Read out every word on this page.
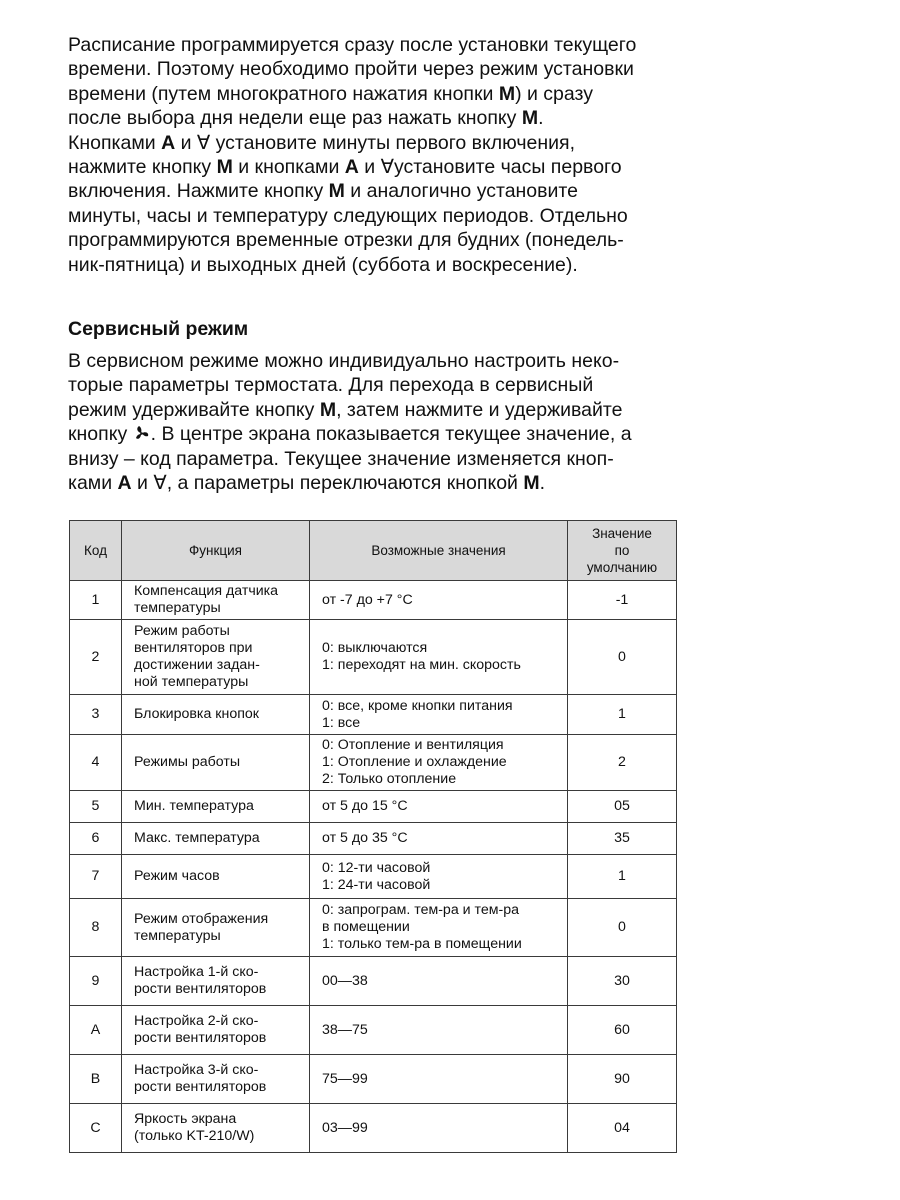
Расписание программируется сразу после установки текущего
времени. Поэтому необходимо пройти через режим установки
времени (путем многократного нажатия кнопки M) и сразу
после выбора дня недели еще раз нажать кнопку M.
Кнопками A и ∀ установите минуты первого включения,
нажмите кнопку M и кнопками A и ∀установите часы первого
включения. Нажмите кнопку M и аналогично установите
минуты, часы и температуру следующих периодов. Отдельно
программируются временные отрезки для будних (понедель-
ник-пятница) и выходных дней (суббота и воскресение).
Сервисный режим
В сервисном режиме можно индивидуально настроить неко-
торые параметры термостата. Для перехода в сервисный
режим удерживайте кнопку M, затем нажмите и удерживайте
кнопку . В центре экрана показывается текущее значение, а
внизу – код параметра. Текущее значение изменяется кноп-
ками A и ∀, а параметры переключаются кнопкой M.
Код	Функция	Возможные значения	Значение
по
умолчанию
1	Компенсация датчика
температуры	от -7 до +7 °C	-1
2	Режим работы
вентиляторов при
достижении задан-
ной температуры	0: выключаются
1: переходят на мин. скорость	0
3	Блокировка кнопок	0: все, кроме кнопки питания
1: все	1
4	Режимы работы	0: Отопление и вентиляция
1: Отопление и охлаждение
2: Только отопление	2
5	Мин. температура	от 5 до 15 °C	05
6	Макс. температура	от 5 до 35 °C	35
7	Режим часов	0: 12-ти часовой
1: 24-ти часовой	1
8	Режим отображения
температуры	0: запрограм. тем-ра и тем-ра
в помещении
1: только тем-ра в помещении	0
9	Настройка 1-й ско-
рости вентиляторов	00—38	30
A	Настройка 2-й ско-
рости вентиляторов	38—75	60
B	Настройка 3-й ско-
рости вентиляторов	75—99	90
C	Яркость экрана
(только KT-210/W)	03—99	04
